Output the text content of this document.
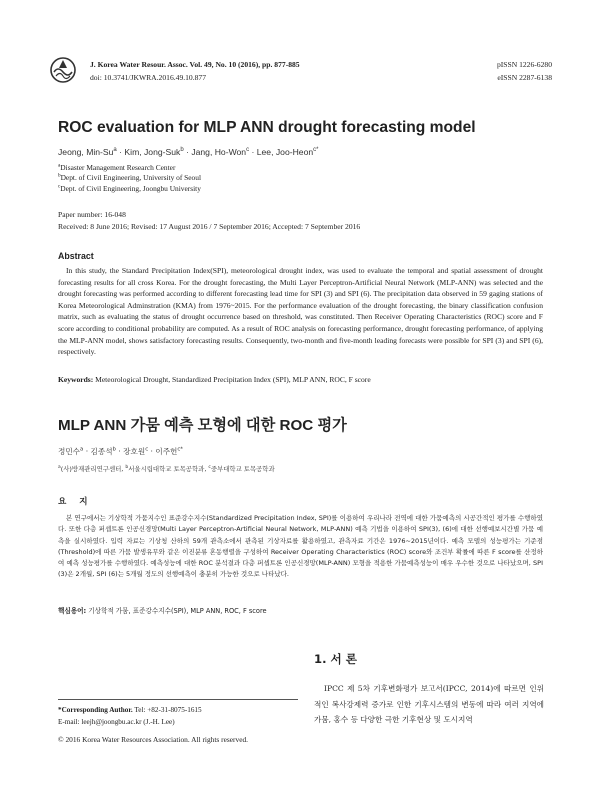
J. Korea Water Resour. Assoc. Vol. 49, No. 10 (2016), pp. 877-885
doi: 10.3741/JKWRA.2016.49.10.877
pISSN 1226-6280
eISSN 2287-6138
ROC evaluation for MLP ANN drought forecasting model
Jeong, Min-$Su^a$ · Kim, Jong-Suk$^b$ · Jang, Ho-Won$^c$ · Lee, Joo-Heon$^{c*}$
$^a$Disaster Management Research Center
$^b$Dept. of Civil Engineering, University of Seoul
$^c$Dept. of Civil Engineering, Joongbu University
Paper number: 16-048
Received: 8 June 2016; Revised: 17 August 2016 / 7 September 2016; Accepted: 7 September 2016
Abstract
In this study, the Standard Precipitation Index(SPI), meteorological drought index, was used to evaluate the temporal and spatial assessment of drought forecasting results for all cross Korea. For the drought forecasting, the Multi Layer Perceptron-Artificial Neural Network (MLP-ANN) was selected and the drought forecasting was performed according to different forecasting lead time for SPI (3) and SPI (6). The precipitation data observed in 59 gaging stations of Korea Meteorological Adminstration (KMA) from 1976~2015. For the performance evaluation of the drought forecasting, the binary classification confusion matrix, such as evaluating the status of drought occurrence based on threshold, was constituted. Then Receiver Operating Characteristics (ROC) score and F score according to conditional probability are computed. As a result of ROC analysis on forecasting performance, drought forecasting performance, of applying the MLP-ANN model, shows satisfactory forecasting results. Consequently, two-month and five-month leading forecasts were possible for SPI (3) and SPI (6), respectively.
Keywords: Meteorological Drought, Standardized Precipitation Index (SPI), MLP ANN, ROC, F score
MLP ANN 가뭄 예측 모형에 대한 ROC 평가
정민수$^a$ · 김종석$^b$ · 장호원$^c$ · 이주헌$^{c*}$
$^a$(사)방재관리연구센터, $^b$서울시립대학교 토목공학과, $^c$중부대학교 토목공학과
요 지
본 연구에서는 기상학적 가뭄지수인 표준강수지수(Standardized Precipitation Index, SPI)를 이용하여 우리나라 전역에 대한 가뭄예측의 시공간적인 평가를 수행하였다. 또한 다층 퍼셉트론 인공신경망(Multi Layer Perceptron-Artificial Neural Network, MLP-ANN) 예측 기법을 이용하여 SPI(3), (6)에 대한 선행예보시간별 가뭄 예측을 실시하였다. 입력 자료는 기상청 산하의 59개 관측소에서 관측된 기상자료를 활용하였고, 관측자료 기간은 1976~2015년이다. 예측 모델의 성능평가는 기준점(Threshold)에 따른 가뭄 발생유무와 같은 이진분류 혼동행렬을 구성하여 Receiver Operating Characteristics (ROC) score와 조건부 확률에 따른 F score를 산정하여 예측 성능평가를 수행하였다. 예측성능에 대한 ROC 분석결과 다층 퍼셉트론 인공신경망(MLP-ANN) 모형을 적용한 가뭄예측성능이 매우 우수한 것으로 나타났으며, SPI (3)은 2개월, SPI (6)는 5개월 정도의 선행예측이 충분히 가능한 것으로 나타났다.
핵심용어: 기상학적 가뭄, 표준강수지수(SPI), MLP ANN, ROC, F score
1. 서 론
IPCC 제 5차 기후변화평가 보고서(IPCC, 2014)에 따르면 인위적인 복사강제력 증가로 인한 기후시스템의 변동에 따라 여러 지역에 가뭄, 홍수 등 다양한 극한 기후현상 및 도시지역
*Corresponding Author. Tel: +82-31-8075-1615
E-mail: leejh@joongbu.ac.kr (J.-H. Lee)
© 2016 Korea Water Resources Association. All rights reserved.
